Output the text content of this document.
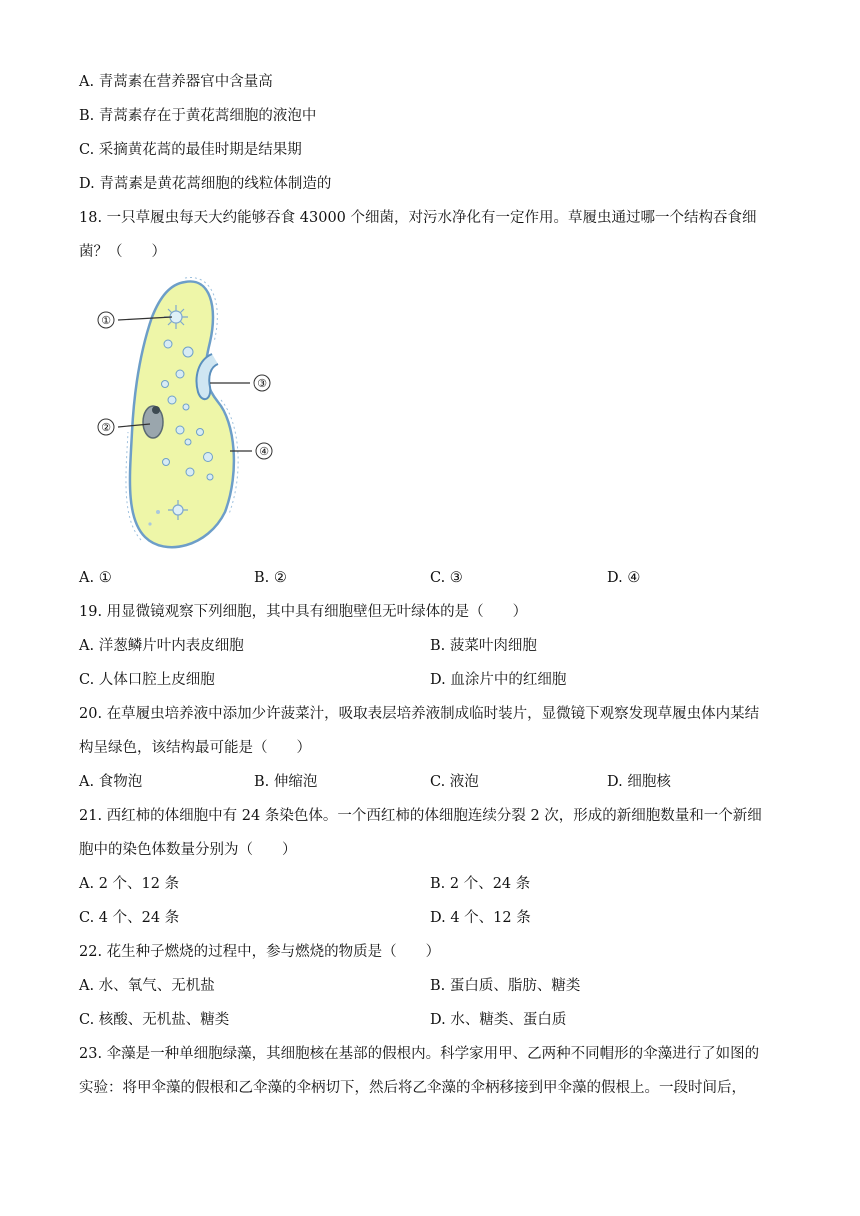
A. 青蒿素在营养器官中含量高
B. 青蒿素存在于黄花蒿细胞的液泡中
C. 采摘黄花蒿的最佳时期是结果期
D. 青蒿素是黄花蒿细胞的线粒体制造的
18. 一只草履虫每天大约能够吞食 43000 个细菌，对污水净化有一定作用。草履虫通过哪一个结构吞食细
菌？（　　）
①
②
③
④
A. ①	B. ②	C. ③	D. ④
19. 用显微镜观察下列细胞，其中具有细胞壁但无叶绿体的是（　　）
A. 洋葱鳞片叶内表皮细胞	B. 菠菜叶肉细胞
C. 人体口腔上皮细胞	D. 血涂片中的红细胞
20. 在草履虫培养液中添加少许菠菜汁，吸取表层培养液制成临时装片，显微镜下观察发现草履虫体内某结
构呈绿色，该结构最可能是（　　）
A. 食物泡	B. 伸缩泡	C. 液泡	D. 细胞核
21. 西红柿的体细胞中有 24 条染色体。一个西红柿的体细胞连续分裂 2 次，形成的新细胞数量和一个新细
胞中的染色体数量分别为（　　）
A. 2 个、12 条	B. 2 个、24 条
C. 4 个、24 条	D. 4 个、12 条
22. 花生种子燃烧的过程中，参与燃烧的物质是（　　）
A. 水、氧气、无机盐	B. 蛋白质、脂肪、糖类
C. 核酸、无机盐、糖类	D. 水、糖类、蛋白质
23. 伞藻是一种单细胞绿藻，其细胞核在基部的假根内。科学家用甲、乙两种不同帽形的伞藻进行了如图的
实验：将甲伞藻的假根和乙伞藻的伞柄切下，然后将乙伞藻的伞柄移接到甲伞藻的假根上。一段时间后，
